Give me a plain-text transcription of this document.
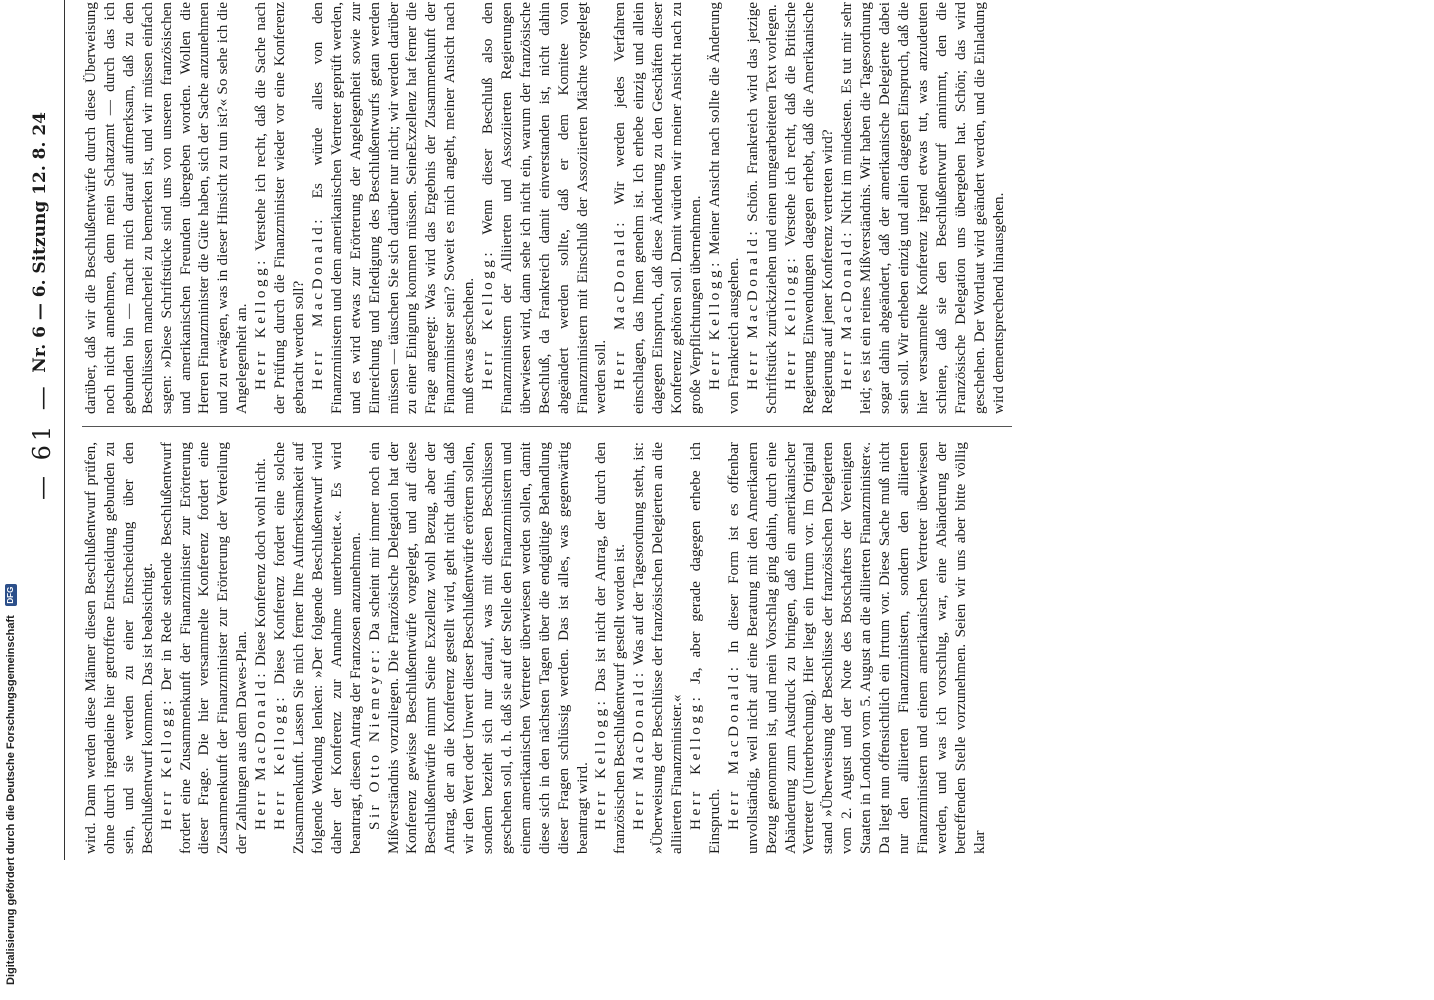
— 61 —
Nr. 6 — 6. Sitzung 12. 8. 24

wird. Dann werden diese Männer diesen Beschlußentwurf prüfen, ohne durch irgendeine hier getroffene Entscheidung gebunden zu sein, und sie werden zu einer Entscheidung über den Beschlußentwurf kommen. Das ist beabsichtigt. Herr Kellogg: Der in Rede stehende Beschlußentwurf fordert eine Zusammenkunft der Finanzminister zur Erörterung dieser Frage. Die hier versammelte Konferenz fordert eine Zusammenkunft der Finanzminister zur Erörterung der Verteilung der Zahlungen aus dem Dawes-Plan. Herr MacDonald: Diese Konferenz doch wohl nicht.

Herr Kellogg: Diese Konferenz fordert eine solche Zusammenkunft. Lassen Sie mich ferner Ihre Aufmerksamkeit auf folgende Wendung lenken: »Der folgende Beschlußentwurf wird daher der Konferenz zur Annahme unterbreitet.«. Es wird beantragt, diesen Antrag der Franzosen anzunehmen. Sir Otto Niemeyer: Da scheint mir immer noch ein Mißverständnis vorzuliegen. Die Französische Delegation hat der Konferenz gewisse Beschlußentwürfe vorgelegt, und auf diese Beschlußentwürfe nimmt Seine Exzellenz wohl Bezug, aber der Antrag, der an die Konferenz gestellt wird, geht nicht dahin, daß wir den Wert oder Unwert dieser Beschlußentwürfe erörtern sollen, sondern bezieht sich nur darauf, was mit diesen Beschlüssen geschehen soll, d. h. daß sie auf der Stelle den Finanzministern und einem amerikanischen Vertreter überwiesen werden sollen, damit diese sich in den nächsten Tagen über die endgültige Behandlung dieser Fragen schlüssig werden. Das ist alles, was gegenwärtig beantragt wird. Herr Kellogg: Das ist nicht der Antrag, der durch den französischen Beschlußentwurf gestellt worden ist. Herr MacDonald: Was auf der Tagesordnung steht, ist: »Überweisung der Beschlüsse der französischen Delegierten an die alliierten Finanzminister.« Herr Kellogg: Ja, aber gerade dagegen erhebe ich Einspruch. Herr MacDonald: In dieser Form ist es offenbar unvollständig, weil nicht auf eine Beratung mit den Amerikanern Bezug genommen ist, und mein Vorschlag ging dahin, durch eine Abänderung zum Ausdruck zu bringen, daß ein amerikanischer Vertreter (Unterbrechung). Hier liegt ein Irrtum vor. Im Original stand »Überweisung der Beschlüsse der französischen Delegierten vom 2. August und der Note des Botschafters der Vereinigten Staaten in London vom 5. August an die alliierten Finanzminister«. Da liegt nun offensichtlich ein Irrtum vor. Diese Sache muß nicht nur den alliierten Finanzministern, sondern den alliierten Finanzministern und einem amerikanischen Vertreter überwiesen werden, und was ich vorschlug, war, eine Abänderung der betreffenden Stelle vorzunehmen. Seien wir uns aber bitte völlig klar

darüber, daß wir die Beschlußentwürfe durch diese Überweisung noch nicht annehmen, denn mein Schatzamt — durch das ich gebunden bin — macht mich darauf aufmerksam, daß zu den Beschlüssen mancherlei zu bemerken ist, und wir müssen einfach sagen: »Diese Schriftstücke sind uns von unseren französischen und amerikanischen Freunden übergeben worden. Wollen die Herren Finanzminister die Güte haben, sich der Sache anzunehmen und zu erwägen, was in dieser Hinsicht zu tun ist?« So sehe ich die Angelegenheit an. Herr Kellogg: Verstehe ich recht, daß die Sache nach der Prüfung durch die Finanzminister wieder vor eine Konferenz gebracht werden soll? Herr MacDonald: Es würde alles von den Finanzministern und dem amerikanischen Vertreter geprüft werden, und es wird etwas zur Erörterung der Angelegenheit sowie zur Einreichung und Erledigung des Beschlußentwurfs getan werden müssen — täuschen Sie sich darüber nur nicht; wir werden darüber zu einer Einigung kommen müssen. SeineExzellenz hat ferner die Frage angeregt: Was wird das Ergebnis der Zusammenkunft der Finanzminister sein? Soweit es mich angeht, meiner Ansicht nach muß etwas geschehen. Herr Kellogg: Wenn dieser Beschluß also den Finanzministern der Alliierten und Assoziierten Regierungen überwiesen wird, dann sehe ich nicht ein, warum der französische Beschluß, da Frankreich damit einverstanden ist, nicht dahin abgeändert werden sollte, daß er dem Komitee von Finanzministern mit Einschluß der Assoziierten Mächte vorgelegt werden soll. Herr MacDonald: Wir werden jedes Verfahren einschlagen, das Ihnen genehm ist. Ich erhebe einzig und allein dagegen Einspruch, daß diese Änderung zu den Geschäften dieser Konferenz gehören soll. Damit würden wir meiner Ansicht nach zu große Verpflichtungen übernehmen. Herr Kellogg: Meiner Ansicht nach sollte die Änderung von Frankreich ausgehen. Herr MacDonald: Schön. Frankreich wird das jetzige Schriftstück zurückziehen und einen umgearbeiteten Text vorlegen. Herr Kellogg: Verstehe ich recht, daß die Britische Regierung Einwendungen dagegen erhebt, daß die Amerikanische Regierung auf jener Konferenz vertreten wird? Herr MacDonald: Nicht im mindesten. Es tut mir sehr leid; es ist ein reines Mißverständnis. Wir haben die Tagesordnung sogar dahin abgeändert, daß der amerikanische Delegierte dabei sein soll. Wir erheben einzig und allein dagegen Einspruch, daß die hier versammelte Konferenz irgend etwas tut, was anzudeuten schiene, daß sie den Beschlußentwurf annimmt, den die Französische Delegation uns übergeben hat. Schön; das wird geschehen. Der Wortlaut wird geändert werden, und die Einladung wird dementsprechend hinausgehen.

Digitalisierung gefördert durch die Deutsche Forschungsgemeinschaft DFG
